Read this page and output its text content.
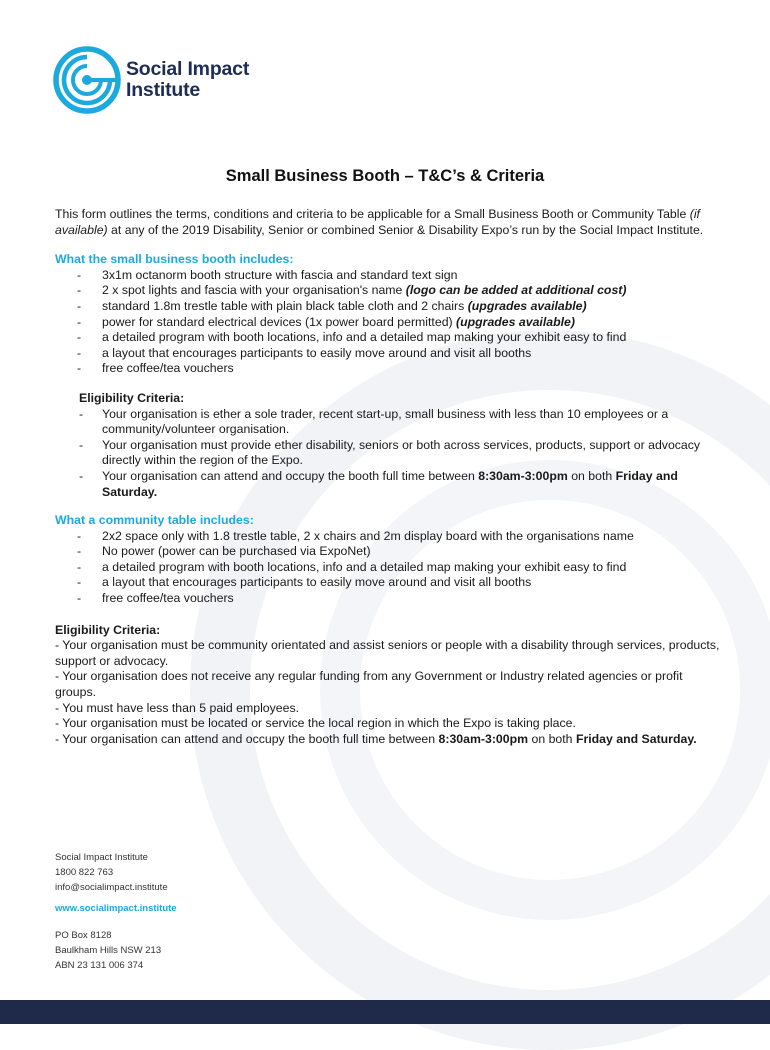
Social Impact
Institute
Small Business Booth – T&C’s & Criteria

This form outlines the terms, conditions and criteria to be applicable for a Small Business Booth or Community Table (if available) at any of the 2019 Disability, Senior or combined Senior & Disability Expo’s run by the Social Impact Institute.

What the small business booth includes:

- 3x1m octanorm booth structure with fascia and standard text sign
- 2 x spot lights and fascia with your organisation's name (logo can be added at additional cost)
- standard 1.8m trestle table with plain black table cloth and 2 chairs (upgrades available)
- power for standard electrical devices (1x power board permitted) (upgrades available)
- a detailed program with booth locations, info and a detailed map making your exhibit easy to find
- a layout that encourages participants to easily move around and visit all booths
- free coffee/tea vouchers

Eligibility Criteria:

- Your organisation is ether a sole trader, recent start-up, small business with less than 10 employees or a community/volunteer organisation.
- Your organisation must provide ether disability, seniors or both across services, products, support or advocacy directly within the region of the Expo.
- Your organisation can attend and occupy the booth full time between 8:30am-3:00pm on both Friday and Saturday.

What a community table includes:

- 2x2 space only with 1.8 trestle table, 2 x chairs and 2m display board with the organisations name
- No power (power can be purchased via ExpoNet)
- a detailed program with booth locations, info and a detailed map making your exhibit easy to find
- a layout that encourages participants to easily move around and visit all booths
- free coffee/tea vouchers

Eligibility Criteria:

- Your organisation must be community orientated and assist seniors or people with a disability through services, products, support or advocacy.
- Your organisation does not receive any regular funding from any Government or Industry related agencies or profit groups.
- You must have less than 5 paid employees.
- Your organisation must be located or service the local region in which the Expo is taking place.
- Your organisation can attend and occupy the booth full time between 8:30am-3:00pm on both Friday and Saturday.
Social Impact Institute
1800 822 763
info@socialimpact.institute
www.socialimpact.institute
PO Box 8128
Baulkham Hills NSW 213
ABN 23 131 006 374
